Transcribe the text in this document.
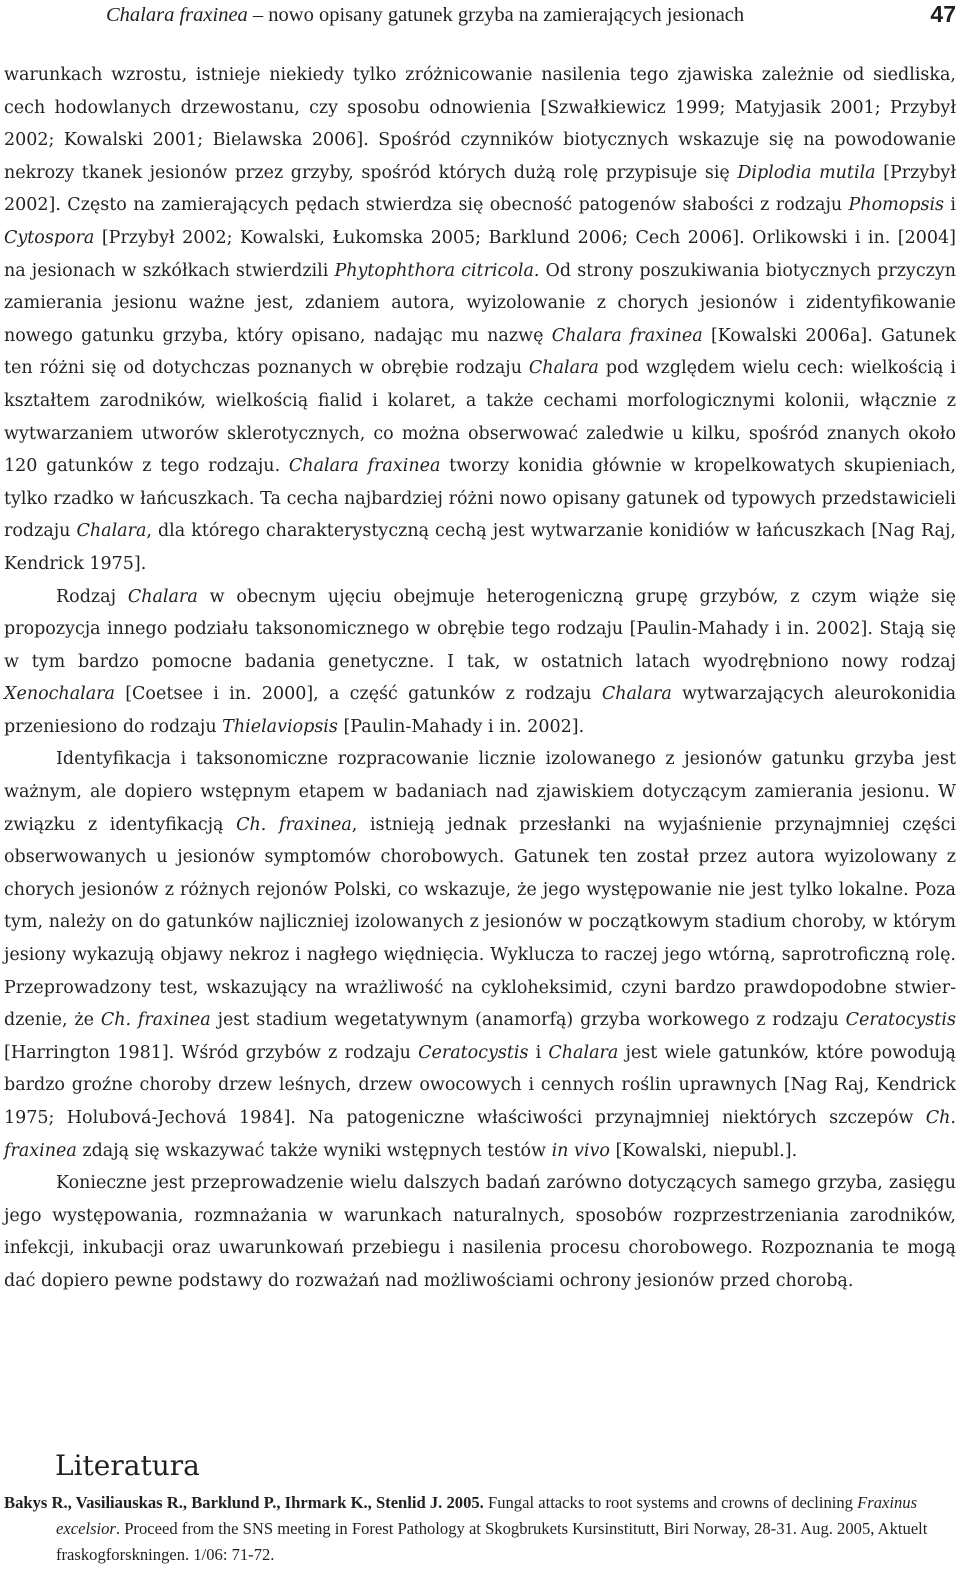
Chalara fraxinea – nowo opisany gatunek grzyba na zamierających jesionach	47

warunkach wzrostu, istnieje niekiedy tylko zróżnicowanie nasilenia tego zjawiska zależnie od siedliska, cech hodowlanych drzewostanu, czy sposobu odnowienia [Szwałkiewicz 1999; Matyjasik 2001; Przybył 2002; Kowalski 2001; Bielawska 2006]. Spośród czynników biotycznych wskazuje się na powodowanie nekrozy tkanek jesionów przez grzyby, spośród których dużą rolę przypisuje się Diplodia mutila [Przybył 2002]. Często na zamierających pędach stwierdza się obecność patogenów słabości z rodzaju Phomopsis i Cytospora [Przybył 2002; Kowalski, Łukomska 2005; Barklund 2006; Cech 2006]. Orlikowski i in. [2004] na jesionach w szkółkach stwierdzili Phytophthora citricola. Od strony poszukiwania biotycznych przyczyn zamierania jesionu ważne jest, zdaniem autora, wyizolowanie z chorych jesionów i zidentyfikowanie nowego gatunku grzyba, który opisano, nadając mu nazwę Chalara fraxinea [Kowalski 2006a]. Gatunek ten różni się od dotychczas poznanych w obrębie rodzaju Chalara pod względem wielu cech: wielkością i kształtem zarodników, wielkością fialid i kolaret, a także cechami morfologicznymi kolonii, włącznie z wytwarzaniem utworów sklerotycznych, co można obserwować zaledwie u kilku, spośród znanych około 120 gatunków z tego rodzaju. Chalara fraxinea tworzy konidia głównie w kropelkowatych skupieniach, tylko rzadko w łańcuszkach. Ta cecha najbardziej różni nowo opisany gatunek od typowych przedstawicieli rodzaju Chalara, dla którego charakterystyczną cechą jest wytwarzanie konidiów w łańcuszkach [Nag Raj, Kendrick 1975].

Rodzaj Chalara w obecnym ujęciu obejmuje heterogeniczną grupę grzybów, z czym wiąże się propozycja innego podziału taksonomicznego w obrębie tego rodzaju [Paulin-Mahady i in. 2002]. Stają się w tym bardzo pomocne badania genetyczne. I tak, w ostatnich latach wyodrębniono nowy rodzaj Xenochalara [Coetsee i in. 2000], a część gatunków z rodzaju Chalara wytwarzających aleurokonidia przeniesiono do rodzaju Thielaviopsis [Paulin-Mahady i in. 2002].

Identyfikacja i taksonomiczne rozpracowanie licznie izolowanego z jesionów gatunku grzyba jest ważnym, ale dopiero wstępnym etapem w badaniach nad zjawiskiem dotyczącym zamierania jesionu. W związku z identyfikacją Ch. fraxinea, istnieją jednak przesłanki na wyjaśnienie przynajmniej części obserwowanych u jesionów symptomów chorobowych. Gatunek ten został przez autora wyizolowany z chorych jesionów z różnych rejonów Polski, co wskazuje, że jego występowanie nie jest tylko lokalne. Poza tym, należy on do gatunków najliczniej izolowanych z jesionów w początkowym stadium choroby, w którym jesiony wykazują objawy nekroz i nagłego więdnięcia. Wyklucza to raczej jego wtórną, saprotroficzną rolę. Przeprowadzony test, wskazujący na wrażliwość na cykloheksimid, czyni bardzo prawdopodobne stwierdzenie, że Ch. fraxinea jest stadium wegetatywnym (anamorfą) grzyba workowego z rodzaju Ceratocystis [Harrington 1981]. Wśród grzybów z rodzaju Ceratocystis i Chalara jest wiele gatunków, które powodują bardzo groźne choroby drzew leśnych, drzew owocowych i cennych roślin uprawnych [Nag Raj, Kendrick 1975; Holubová-Jechová 1984]. Na patogeniczne właściwości przynajmniej niektórych szczepów Ch. fraxinea zdają się wskazywać także wyniki wstępnych testów in vivo [Kowalski, niepubl.].

Konieczne jest przeprowadzenie wielu dalszych badań zarówno dotyczących samego grzyba, zasięgu jego występowania, rozmnażania w warunkach naturalnych, sposobów rozprzestrzeniania zarodników, infekcji, inkubacji oraz uwarunkowań przebiegu i nasilenia procesu chorobowego. Rozpoznania te mogą dać dopiero pewne podstawy do rozważań nad możliwościami ochrony jesionów przed chorobą.

Literatura

Bakys R., Vasiliauskas R., Barklund P., Ihrmark K., Stenlid J. 2005. Fungal attacks to root systems and crowns of declining Fraxinus excelsior. Proceed from the SNS meeting in Forest Pathology at Skogbrukets Kursinstitutt, Biri Norway, 28-31. Aug. 2005, Aktuelt fraskogforskningen. 1/06: 71-72.
